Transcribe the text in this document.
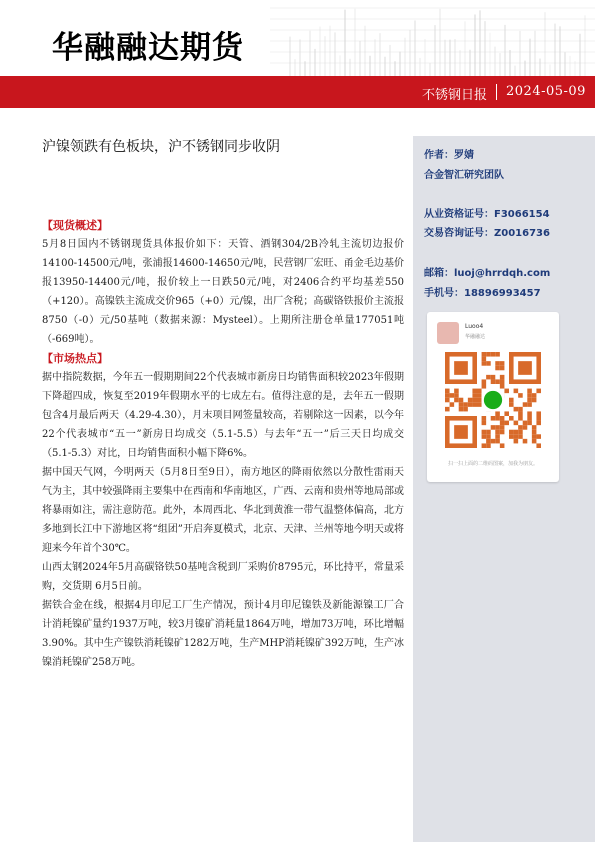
华融融达期货
不锈钢日报 2024-05-09
沪镍领跌有色板块，沪不锈钢同步收阴

【现货概述】

5月8日国内不锈钢现货具体报价如下：天管、酒钢304/2B冷轧主流切边报价14100-14500元/吨，张浦报14600-14650元/吨，民营钢厂宏旺、甬金毛边基价报13950-14400元/吨，报价较上一日跌50元/吨，对2406合约平均基差550（+120）。高镍铁主流成交价965（+0）元/镍，出厂含税；高碳铬铁报价主流报8750（-0）元/50基吨（数据来源：Mysteel）。上期所注册仓单量177051吨（-669吨）。

【市场热点】

据中指院数据，今年五一假期期间22个代表城市新房日均销售面积较2023年假期下降超四成，恢复至2019年假期水平的七成左右。值得注意的是，去年五一假期包含4月最后两天（4.29-4.30），月末项目网签量较高，若剔除这一因素，以今年22个代表城市“五一”新房日均成交（5.1-5.5）与去年“五一”后三天日均成交（5.1-5.3）对比，日均销售面积小幅下降6%。

据中国天气网，今明两天（5月8日至9日），南方地区的降雨依然以分散性雷雨天气为主，其中较强降雨主要集中在西南和华南地区，广西、云南和贵州等地局部或将暴雨如注，需注意防范。此外，本周西北、华北到黄淮一带气温整体偏高，北方多地到长江中下游地区将“组团”开启奔夏模式，北京、天津、兰州等地今明天或将迎来今年首个30℃。

山西太钢2024年5月高碳铬铁50基吨含税到厂采购价8795元，环比持平，常量采购，交货期 6月5日前。

据铁合金在线，根据4月印尼工厂生产情况，预计4月印尼镍铁及新能源镍工厂合计消耗镍矿量约1937万吨，较3月镍矿消耗量1864万吨，增加73万吨，环比增幅3.90%。其中生产镍铁消耗镍矿1282万吨，生产MHP消耗镍矿392万吨，生产冰镍消耗镍矿258万吨。

作者：罗婧
合金智汇研究团队
从业资格证号：F3066154
交易咨询证号：Z0016736
邮箱：luoj@hrrdqh.com
手机号：18896993457
Luoo4
华融融达
扫一扫上面的二维码图案，加我为朋友。
